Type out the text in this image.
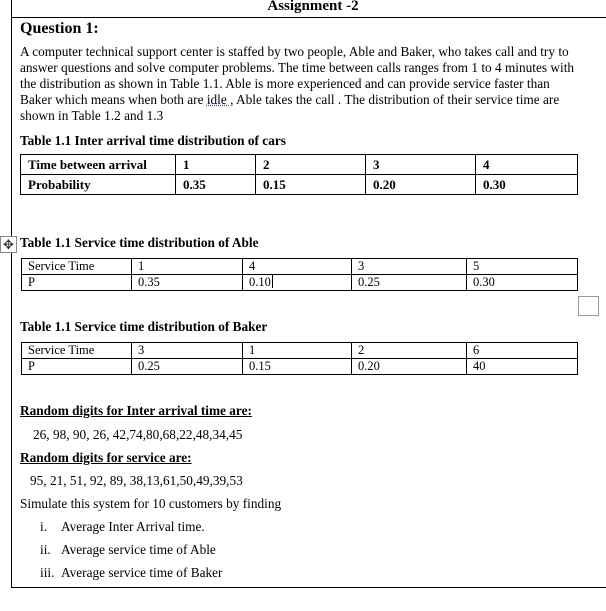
Assignment -2
Question 1:
A computer technical support center is staffed by two people, Able and Baker, who takes call and try to
answer questions and solve computer problems. The time between calls ranges from 1 to 4 minutes with
the distribution as shown in Table 1.1. Able is more experienced and can provide service faster than
Baker which means when both are idle , Able takes the call . The distribution of their service time are
shown in Table 1.2 and 1.3
Table 1.1 Inter arrival time distribution of cars
Time between arrival	1	2	3	4
Probability	0.35	0.15	0.20	0.30
✥ Table 1.1 Service time distribution of Able
Service Time	1	4	3	5
P	0.35	0.10	0.25	0.30
Table 1.1 Service time distribution of Baker
Service Time	3	1	2	6
P	0.25	0.15	0.20	40
Random digits for Inter arrival time are:
26, 98, 90, 26, 42,74,80,68,22,48,34,45
Random digits for service are:
95, 21, 51, 92, 89, 38,13,61,50,49,39,53
Simulate this system for 10 customers by finding
i. Average Inter Arrival time.
ii. Average service time of Able
iii. Average service time of Baker
